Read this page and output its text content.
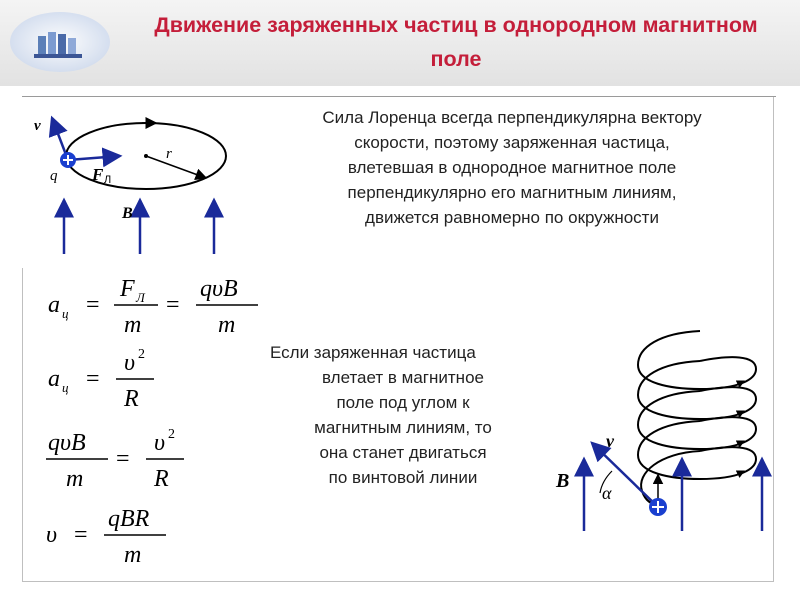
Движение заряженных частиц в однородном магнитном
поле
v
q F Л
r
B
Сила Лоренца всегда перпендикулярна вектору
скорости, поэтому заряженная частица,
влетевшая в однородное магнитное поле
перпендикулярно его магнитным линиям,
движется равномерно по окружности
a ц =
F Л
m
=
qυB
m
a ц =
υ 2
R
qυB
m
=
υ 2
R
υ =
qBR
m
Если заряженная частица
влетает в магнитное
поле под углом к
магнитным линиям, то
она станет двигаться
по винтовой линии
v
B
α
